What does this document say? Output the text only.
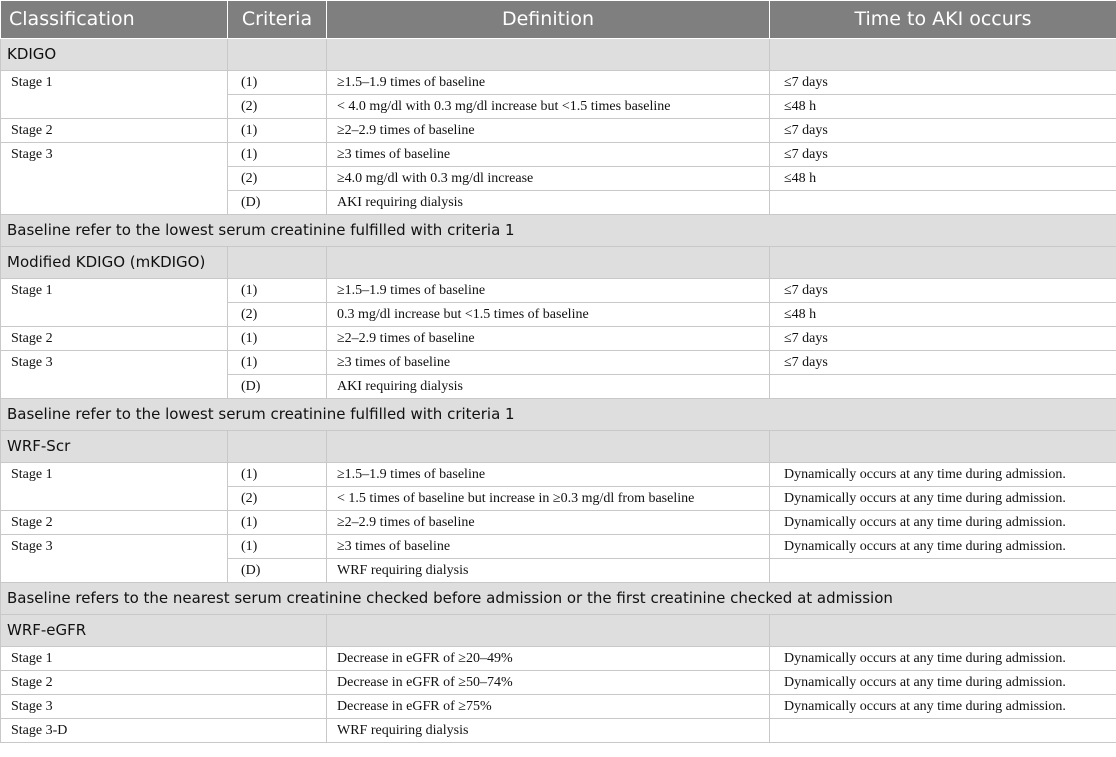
Classification	Criteria	Definition	Time to AKI occurs
KDIGO			
Stage 1	(1)	≥1.5–1.9 times of baseline	≤7 days
	(2)	< 4.0 mg/dl with 0.3 mg/dl increase but <1.5 times baseline	≤48 h
Stage 2	(1)	≥2–2.9 times of baseline	≤7 days
Stage 3	(1)	≥3 times of baseline	≤7 days
	(2)	≥4.0 mg/dl with 0.3 mg/dl increase	≤48 h
	(D)	AKI requiring dialysis	
Baseline refer to the lowest serum creatinine fulfilled with criteria 1			
Modified KDIGO (mKDIGO)			
Stage 1	(1)	≥1.5–1.9 times of baseline	≤7 days
	(2)	0.3 mg/dl increase but <1.5 times of baseline	≤48 h
Stage 2	(1)	≥2–2.9 times of baseline	≤7 days
Stage 3	(1)	≥3 times of baseline	≤7 days
	(D)	AKI requiring dialysis	
Baseline refer to the lowest serum creatinine fulfilled with criteria 1			
WRF-Scr			
Stage 1	(1)	≥1.5–1.9 times of baseline	Dynamically occurs at any time during admission.
	(2)	< 1.5 times of baseline but increase in ≥0.3 mg/dl from baseline	Dynamically occurs at any time during admission.
Stage 2	(1)	≥2–2.9 times of baseline	Dynamically occurs at any time during admission.
Stage 3	(1)	≥3 times of baseline	Dynamically occurs at any time during admission.
	(D)	WRF requiring dialysis	
Baseline refers to the nearest serum creatinine checked before admission or the first creatinine checked at admission			
WRF-eGFR			
Stage 1		Decrease in eGFR of ≥20–49%	Dynamically occurs at any time during admission.
Stage 2		Decrease in eGFR of ≥50–74%	Dynamically occurs at any time during admission.
Stage 3		Decrease in eGFR of ≥75%	Dynamically occurs at any time during admission.
Stage 3-D		WRF requiring dialysis	
